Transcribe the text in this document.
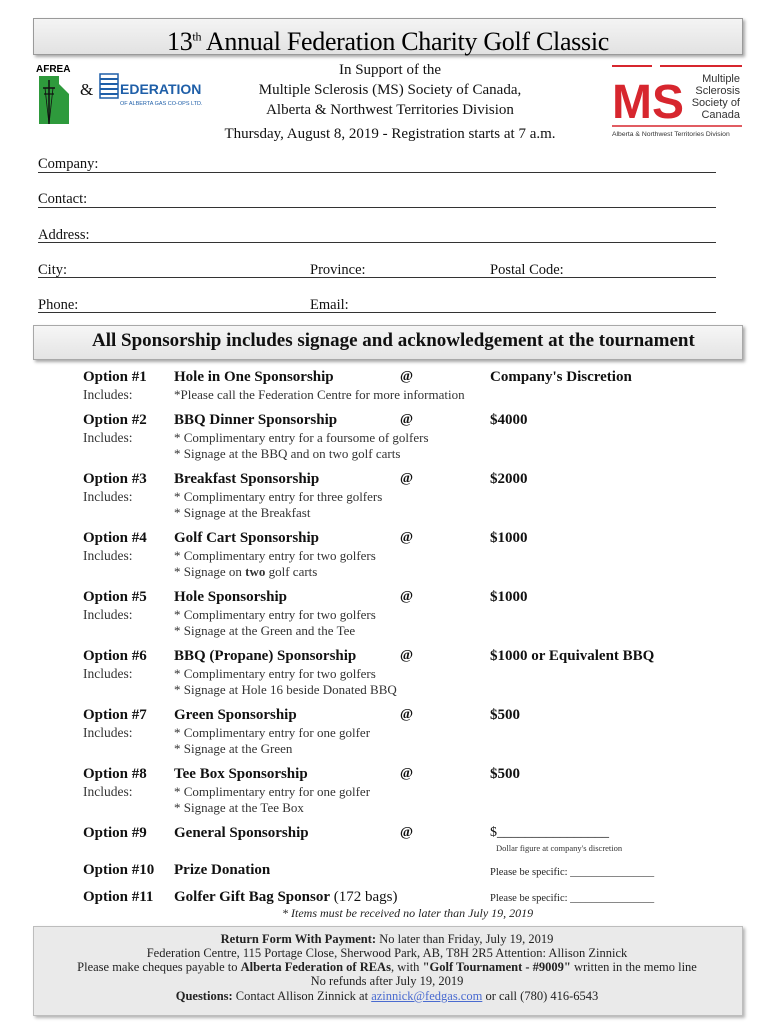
13th Annual Federation Charity Golf Classic
AFREA
& EDERATION
OF ALBERTA GAS CO-OPS LTD.
In Support of the
Multiple Sclerosis (MS) Society of Canada,
Alberta & Northwest Territories Division
Thursday, August 8, 2019 - Registration starts at 7 a.m.
MS Multiple
Sclerosis
Society of
Canada
Alberta & Northwest Territories Division
Company:
Contact:
Address:
City:	Province:	Postal Code:
Phone:	Email:
All Sponsorship includes signage and acknowledgement at the tournament
Option #1 Hole in One Sponsorship	@	Company's Discretion
Includes:	*Please call the Federation Centre for more information
Option #2 BBQ Dinner Sponsorship	@	$4000
Includes:	* Complimentary entry for a foursome of golfers
* Signage at the BBQ and on two golf carts
Option #3 Breakfast Sponsorship	@	$2000
Includes:	* Complimentary entry for three golfers
* Signage at the Breakfast
Option #4 Golf Cart Sponsorship	@	$1000
Includes:	* Complimentary entry for two golfers
* Signage on two golf carts
Option #5 Hole Sponsorship	@	$1000
Includes:	* Complimentary entry for two golfers
* Signage at the Green and the Tee
Option #6 BBQ (Propane) Sponsorship	@	$1000 or Equivalent BBQ
Includes:	* Complimentary entry for two golfers
* Signage at Hole 16 beside Donated BBQ
Option #7 Green Sponsorship	@	$500
Includes:	* Complimentary entry for one golfer
* Signage at the Green
Option #8 Tee Box Sponsorship	@	$500
Includes:	* Complimentary entry for one golfer
* Signage at the Tee Box
Option #9 General Sponsorship	@	$________________
Dollar figure at company's discretion
Option #10 Prize Donation	Please be specific: ________________
Option #11 Golfer Gift Bag Sponsor (172 bags)	Please be specific: ________________
* Items must be received no later than July 19, 2019
Return Form With Payment: No later than Friday, July 19, 2019
Federation Centre, 115 Portage Close, Sherwood Park, AB, T8H 2R5 Attention: Allison Zinnick
Please make cheques payable to Alberta Federation of REAs, with "Golf Tournament - #9009" written in the memo line
No refunds after July 19, 2019
Questions: Contact Allison Zinnick at azinnick@fedgas.com or call (780) 416-6543
